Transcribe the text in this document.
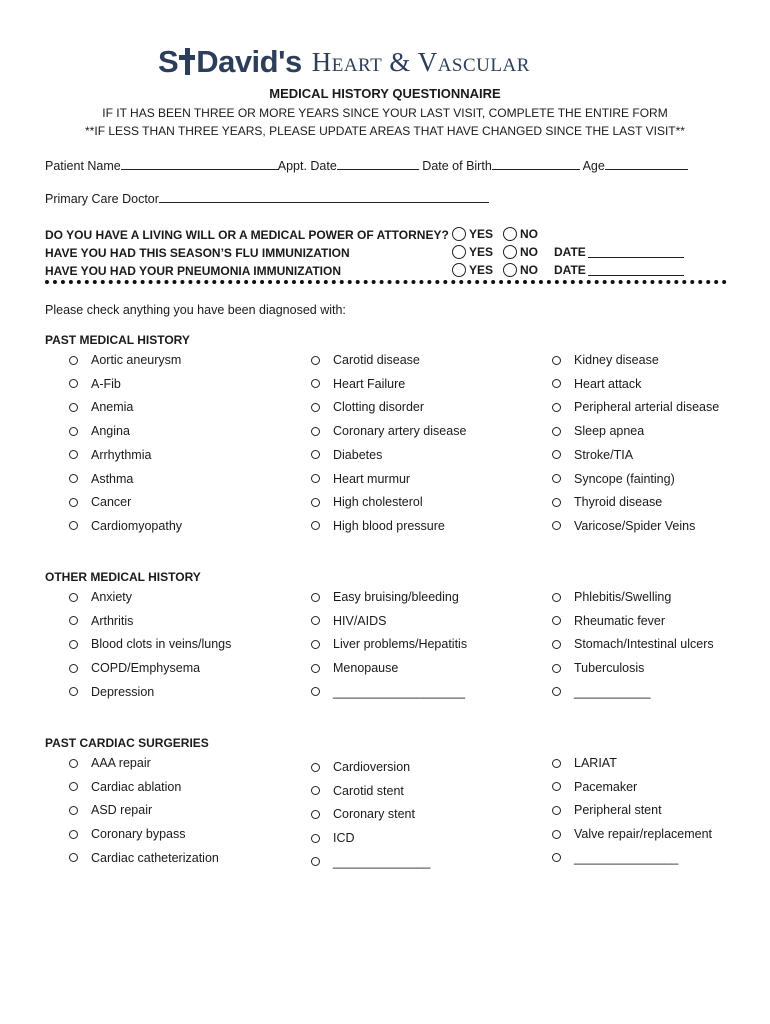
S David's Heart & Vascular
MEDICAL HISTORY QUESTIONNAIRE
IF IT HAS BEEN THREE OR MORE YEARS SINCE YOUR LAST VISIT, COMPLETE THE ENTIRE FORM
**IF LESS THAN THREE YEARS, PLEASE UPDATE AREAS THAT HAVE CHANGED SINCE THE LAST VISIT**
Patient Name	Appt. Date	Date of Birth	Age
Primary Care Doctor
DO YOU HAVE A LIVING WILL OR A MEDICAL POWER OF ATTORNEY? YES NO
HAVE YOU HAD THIS SEASON’S FLU IMMUNIZATION	YES NO DATE
HAVE YOU HAD YOUR PNEUMONIA IMMUNIZATION	YES NO DATE
Please check anything you have been diagnosed with:
PAST MEDICAL HISTORY
Aortic aneurysm
A-Fib
Anemia
Angina
Arrhythmia
Asthma
Cancer
Cardiomyopathy
Carotid disease
Heart Failure
Clotting disorder
Coronary artery disease
Diabetes
Heart murmur
High cholesterol
High blood pressure
Kidney disease
Heart attack
Peripheral arterial disease
Sleep apnea
Stroke/TIA
Syncope (fainting)
Thyroid disease
Varicose/Spider Veins
OTHER MEDICAL HISTORY
Anxiety
Arthritis
Blood clots in veins/lungs
COPD/Emphysema
Depression
Easy bruising/bleeding
HIV/AIDS
Liver problems/Hepatitis
Menopause
___________________
Phlebitis/Swelling
Rheumatic fever
Stomach/Intestinal ulcers
Tuberculosis
___________
PAST CARDIAC SURGERIES
AAA repair
Cardiac ablation
ASD repair
Coronary bypass
Cardiac catheterization
Cardioversion
Carotid stent
Coronary stent
ICD
______________
LARIAT
Pacemaker
Peripheral stent
Valve repair/replacement
_______________
